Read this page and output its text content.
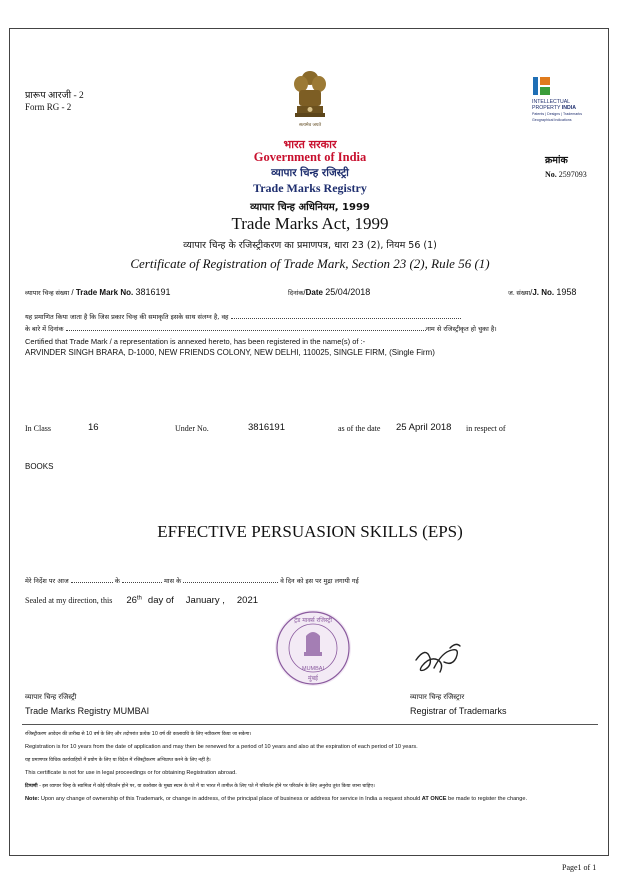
प्रारूप आरजी - 2
Form RG - 2
सत्यमेव जयते
INTELLECTUAL
PROPERTY INDIA
Patents | Designs | Trademarks
Geographical Indications
भारत सरकार
Government of India
व्यापार चिन्ह रजिस्ट्री
Trade Marks Registry
व्यापार चिन्ह अधिनियम, 1999
Trade Marks Act, 1999
व्यापार चिन्ह के रजिस्ट्रीकरण का प्रमाणपत्र, धारा 23 (2), नियम 56 (1)
Certificate of Registration of Trade Mark, Section 23 (2), Rule 56 (1)
क्रमांक
No. 2597093
व्यापार चिन्ह संख्या / Trade Mark No. 3816191	दिनांक/Date 25/04/2018	ज. संख्या/J. No. 1958
यह प्रमाणित किया जाता है कि जिस प्रकार चिन्ह की समाकृति इसके साथ संलग्न है, वह
के बारे में दिनांक	नाम से रजिस्ट्रीकृत हो चुका है।
Certified that Trade Mark / a representation is annexed hereto, has been registered in the name(s) of :-
ARVINDER SINGH BRARA, D-1000, NEW FRIENDS COLONY, NEW DELHI, 110025, SINGLE FIRM, (Single Firm)
In Class	16	Under No.	3816191	as of the date 25 April 2018 in respect of
BOOKS
EFFECTIVE PERSUASION SKILLS (EPS)
मेरे निर्देश पर आज	के	मास के	वे दिन को इस पर मुद्रा लगायी गई
Sealed at my direction, this 26th day of January , 2021
ट्रेड मार्क्स रजिस्ट्री
MUMBAI
मुंबई
व्यापार चिन्ह रजिस्ट्री
Trade Marks Registry MUMBAI
व्यापार चिन्ह रजिस्ट्रार
Registrar of Trademarks
रजिस्ट्रीकरण आवेदन की तारीख से 10 वर्ष के लिए और तदोपरांत प्रत्येक 10 वर्ष की कालावधि के लिए नवीकरण किया जा सकेगा।
Registration is for 10 years from the date of application and may then be renewed for a period of 10 years and also at the expiration of each period of 10 years.
यह प्रमाणपत्र विधिक कार्यवाहियों में प्रयोग के लिए या विदेश में रजिस्ट्रीकरण अभिप्राप्त करने के लिए नहीं है।
This certificate is not for use in legal proceedings or for obtaining Registration abroad.
टिप्पणी - इस व्यापार चिन्ह के स्वामित्व में कोई परिवर्तन होने पर, या कारोबार के मुख्य स्थान के पते में या भारत में तामील के लिए पते में परिवर्तन होने पर परिवर्तन के लिए अनुरोध तुरंत किया जाना चाहिए।
Note: Upon any change of ownership of this Trademark, or change in address, of the principal place of business or address for service in India a request should AT ONCE be made to register the change.
Page1 of 1
